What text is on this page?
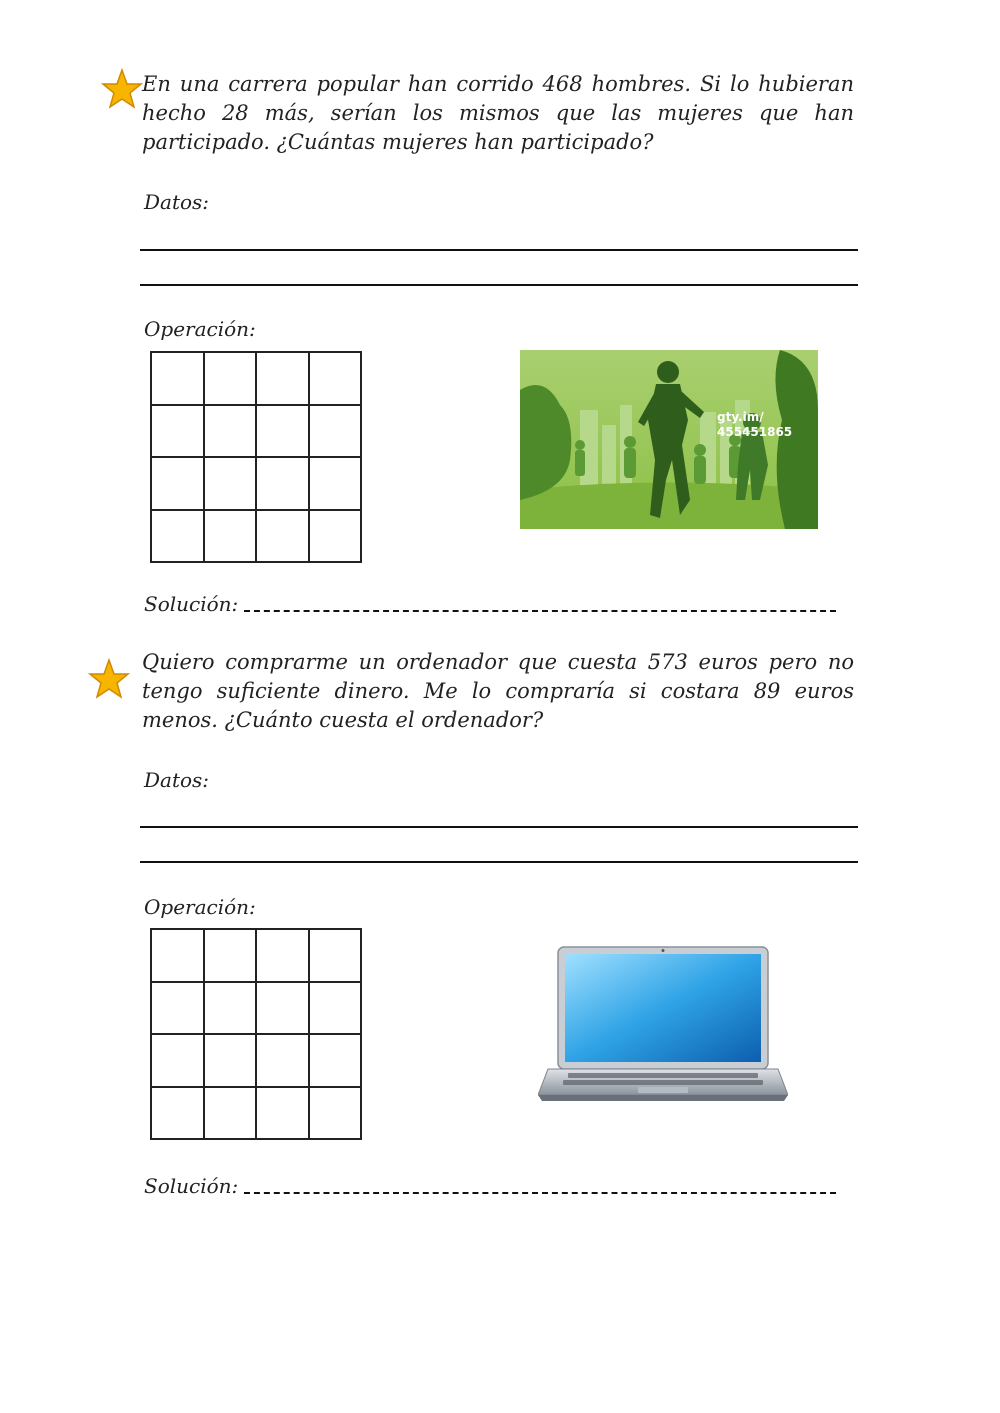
En una carrera popular han corrido 468 hombres. Si lo hubieran hecho 28 más, serían los mismos que las mujeres que han participado. ¿Cuántas mujeres han participado?
Datos:
Operación:
gty.im/
455451865
Solución:
Quiero comprarme un ordenador que cuesta 573 euros pero no tengo suficiente dinero. Me lo compraría si costara 89 euros menos. ¿Cuánto cuesta el ordenador?
Datos:
Operación:
Solución:
